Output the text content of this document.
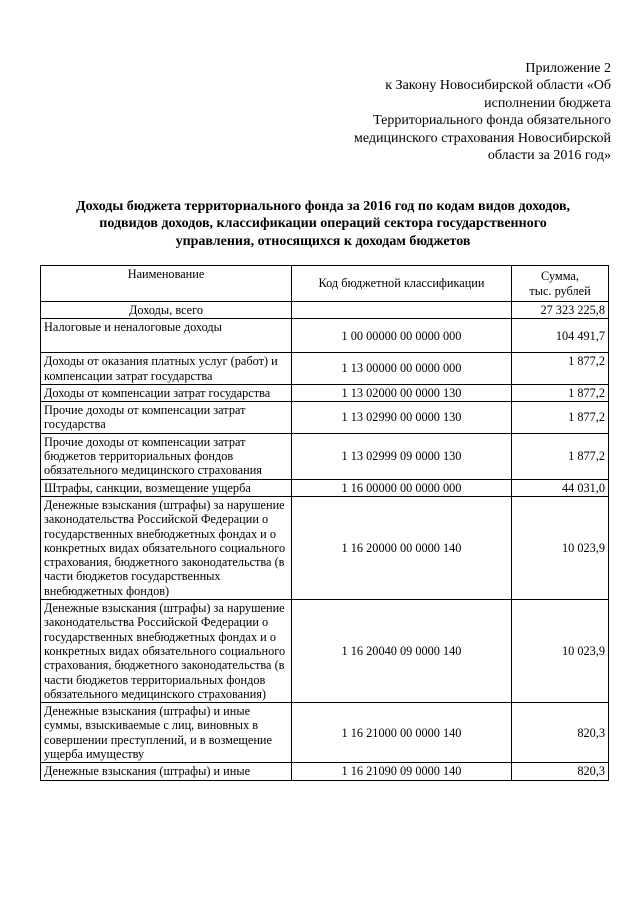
Приложение 2
к Закону Новосибирской области «Об
исполнении бюджета
Территориального фонда обязательного
медицинского страхования Новосибирской
области за 2016 год»
Доходы бюджета территориального фонда за 2016 год по кодам видов доходов,
подвидов доходов, классификации операций сектора государственного
управления, относящихся к доходам бюджетов
Наименование	Код бюджетной классификации	Сумма,
тыс. рублей

Доходы, всего		27 323 225,8
Налоговые и неналоговые доходы	1 00 00000 00 0000 000	104 491,7
Доходы от оказания платных услуг (работ) и компенсации затрат государства	1 13 00000 00 0000 000	1 877,2
Доходы от компенсации затрат государства	1 13 02000 00 0000 130	1 877,2
Прочие доходы от компенсации затрат государства	1 13 02990 00 0000 130	1 877,2
Прочие доходы от компенсации затрат бюджетов территориальных фондов обязательного медицинского страхования	1 13 02999 09 0000 130	1 877,2
Штрафы, санкции, возмещение ущерба	1 16 00000 00 0000 000	44 031,0
Денежные взыскания (штрафы) за нарушение законодательства Российской Федерации о государственных внебюджетных фондах и о конкретных видах обязательного социального страхования, бюджетного законодательства (в части бюджетов государственных внебюджетных фондов)	1 16 20000 00 0000 140	10 023,9
Денежные взыскания (штрафы) за нарушение законодательства Российской Федерации о государственных внебюджетных фондах и о конкретных видах обязательного социального страхования, бюджетного законодательства (в части бюджетов территориальных фондов обязательного медицинского страхования)	1 16 20040 09 0000 140	10 023,9
Денежные взыскания (штрафы) и иные суммы, взыскиваемые с лиц, виновных в совершении преступлений, и в возмещение ущерба имуществу	1 16 21000 00 0000 140	820,3
Денежные взыскания (штрафы) и иные	1 16 21090 09 0000 140	820,3
